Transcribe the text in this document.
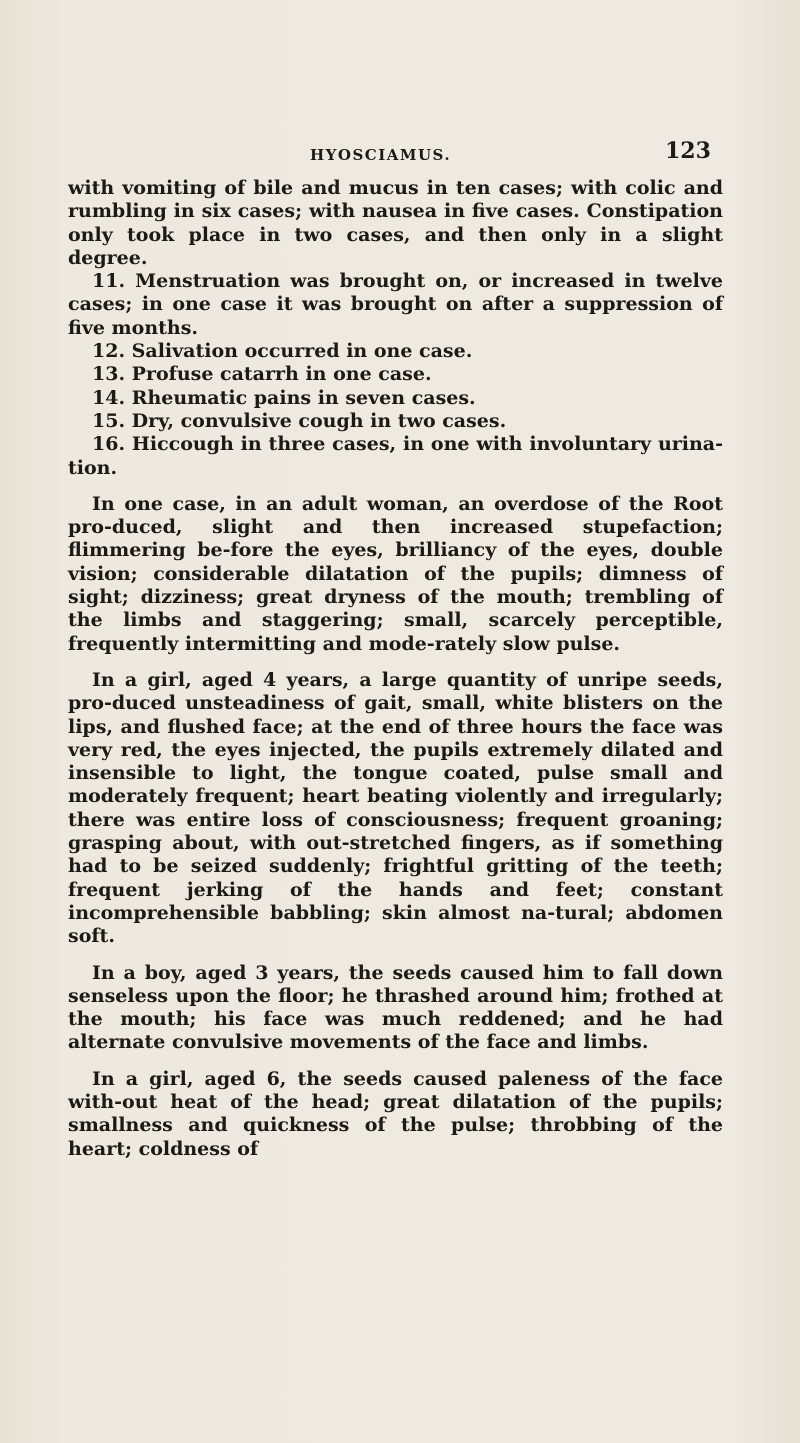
HYOSCIAMUS.	123

with vomiting of bile and mucus in ten cases; with colic and rumbling in six cases; with nausea in five cases. Constipation only took place in two cases, and then only in a slight degree.

11. Menstruation was brought on, or increased in twelve cases; in one case it was brought on after a suppression of five months.

12. Salivation occurred in one case.

13. Profuse catarrh in one case.

14. Rheumatic pains in seven cases.

15. Dry, convulsive cough in two cases.

16. Hiccough in three cases, in one with involuntary urina-tion.

In one case, in an adult woman, an overdose of the Root pro-duced, slight and then increased stupefaction; flimmering be-fore the eyes, brilliancy of the eyes, double vision; considerable dilatation of the pupils; dimness of sight; dizziness; great dryness of the mouth; trembling of the limbs and staggering; small, scarcely perceptible, frequently intermitting and mode-rately slow pulse.

In a girl, aged 4 years, a large quantity of unripe seeds, pro-duced unsteadiness of gait, small, white blisters on the lips, and flushed face; at the end of three hours the face was very red, the eyes injected, the pupils extremely dilated and insensible to light, the tongue coated, pulse small and moderately frequent; heart beating violently and irregularly; there was entire loss of consciousness; frequent groaning; grasping about, with out-stretched fingers, as if something had to be seized suddenly; frightful gritting of the teeth; frequent jerking of the hands and feet; constant incomprehensible babbling; skin almost na-tural; abdomen soft.

In a boy, aged 3 years, the seeds caused him to fall down senseless upon the floor; he thrashed around him; frothed at the mouth; his face was much reddened; and he had alternate convulsive movements of the face and limbs.

In a girl, aged 6, the seeds caused paleness of the face with-out heat of the head; great dilatation of the pupils; smallness and quickness of the pulse; throbbing of the heart; coldness of
